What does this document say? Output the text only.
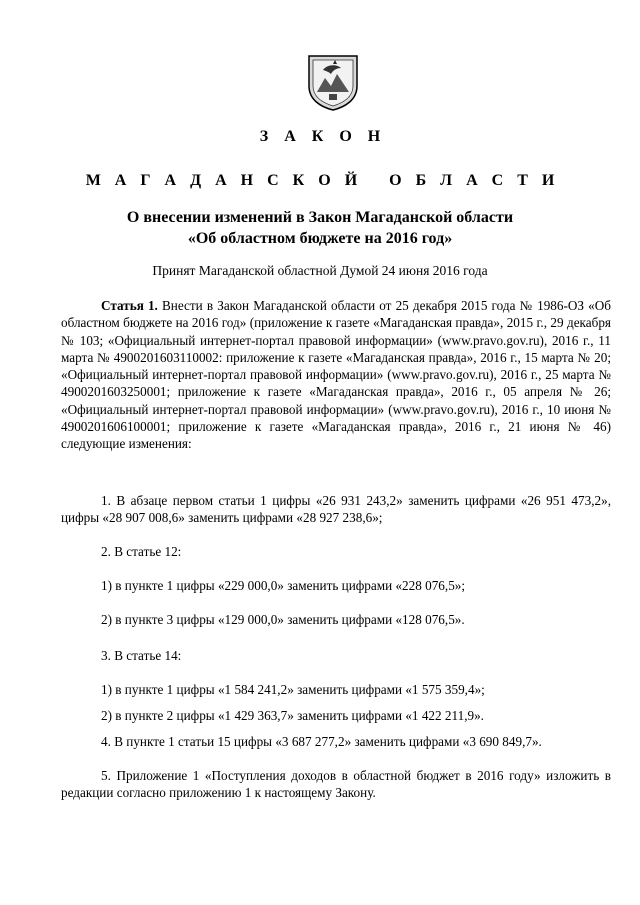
З А К О Н
М А Г А Д А Н С К О Й   О Б Л А С Т И
О внесении изменений в Закон Магаданской области
«Об областном бюджете на 2016 год»
Принят Магаданской областной Думой 24 июня 2016 года
Статья 1. Внести в Закон Магаданской области от 25 декабря 2015 года № 1986-ОЗ «Об областном бюджете на 2016 год» (приложение к газете «Магаданская правда», 2015 г., 29 декабря № 103; «Официальный интернет-портал правовой информации» (www.pravo.gov.ru), 2016 г., 11 марта № 4900201603110002: приложение к газете «Магаданская правда», 2016 г., 15 марта № 20; «Официальный интернет-портал правовой информации» (www.pravo.gov.ru), 2016 г., 25 марта № 4900201603250001; приложение к газете «Магаданская правда», 2016 г., 05 апреля № 26; «Официальный интернет-портал правовой информации» (www.pravo.gov.ru), 2016 г., 10 июня № 4900201606100001; приложение к газете «Магаданская правда», 2016 г., 21 июня № 46) следующие изменения:
1. В абзаце первом статьи 1 цифры «26 931 243,2» заменить цифрами «26 951 473,2», цифры «28 907 008,6» заменить цифрами «28 927 238,6»;
2. В статье 12:
1) в пункте 1 цифры «229 000,0» заменить цифрами «228 076,5»;
2) в пункте 3 цифры «129 000,0» заменить цифрами «128 076,5».
3. В статье 14:
1) в пункте 1 цифры «1 584 241,2» заменить цифрами «1 575 359,4»;
2) в пункте 2 цифры «1 429 363,7» заменить цифрами «1 422 211,9».
4. В пункте 1 статьи 15 цифры «3 687 277,2» заменить цифрами «3 690 849,7».
5. Приложение 1 «Поступления доходов в областной бюджет в 2016 году» изложить в редакции согласно приложению 1 к настоящему Закону.
